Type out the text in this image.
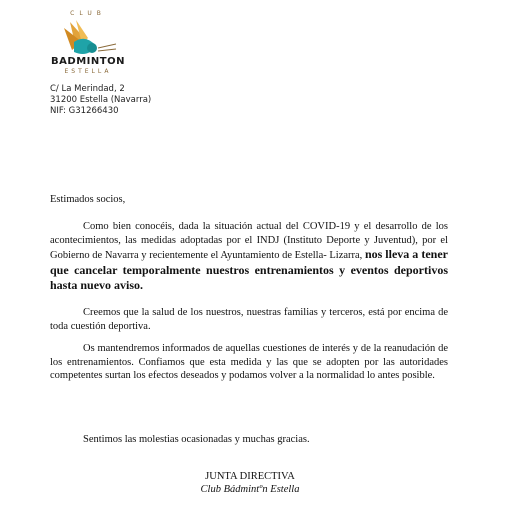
CLUB
BADMINTON
ESTELLA
C/ La Merindad, 2
31200 Estella (Navarra)
NIF: G31266430
Estimados socios,
Como bien conocéis, dada la situación actual del COVID-19 y el desarrollo de los acontecimientos, las medidas adoptadas por el INDJ (Instituto Deporte y Juventud), por el Gobierno de Navarra y recientemente el Ayuntamiento de Estella- Lizarra, nos lleva a tener que cancelar temporalmente nuestros entrenamientos y eventos deportivos hasta nuevo aviso.
Creemos que la salud de los nuestros, nuestras familias y terceros, está por encima de toda cuestión deportiva.
Os mantendremos informados de aquellas cuestiones de interés y de la reanudación de los entrenamientos. Confiamos que esta medida y las que se adopten por las autoridades competentes surtan los efectos deseados y podamos volver a la normalidad lo antes posible.
Sentimos las molestias ocasionadas y muchas gracias.
JUNTA DIRECTIVA
Club Bádmintºn Estella
